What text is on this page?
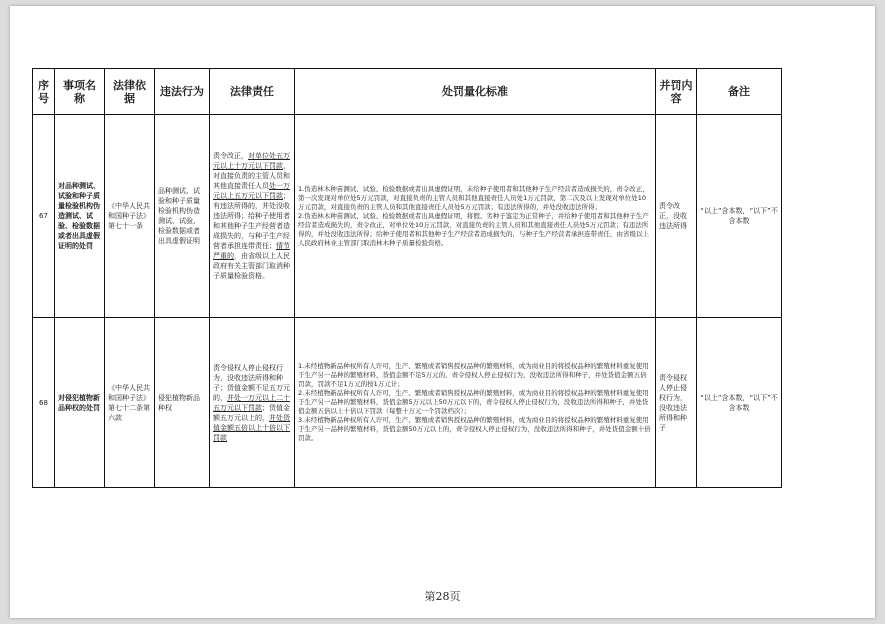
序号	事项名称	法律依据	违法行为	法律责任	处罚量化标准	并罚内容	备注
67	对品种测试、试验和种子质量检验机构伪造测试、试验、检验数据或者出具虚假证明的处罚	《中华人民共和国种子法》第七十一条	品种测试、试验和种子质量检验机构伪造测试、试验、检验数据或者出具虚假证明	责令改正，对单位处五万元以上十万元以下罚款，对直接负责的主管人员和其他直接责任人员处一万元以上五万元以下罚款；有违法所得的，并处没收违法所得；给种子使用者和其他种子生产经营者造成损失的，与种子生产经营者承担连带责任；情节严重的，由省级以上人民政府有关主管部门取消种子质量检验资格。	1.伪造林木种苗测试、试验、检验数据或者出具虚假证明，未给种子使用者和其他种子生产经营者造成损失的，责令改正，第一次发现对单位处5万元罚款，对直接负责的主管人员和其他直接责任人员处1万元罚款，第二次及以上发现对单位处10万元罚款，对直接负责的主管人员和其他直接责任人员处5万元罚款；有违法所得的，并处没收违法所得；
2.伪造林木种苗测试、试验、检验数据或者出具虚假证明，将假、劣种子鉴定为正常种子，并给种子使用者和其他种子生产经营者造成损失的，责令改正，对单位处10万元罚款，对直接负责的主管人员和其他直接责任人员处5万元罚款；有违法所得的，并处没收违法所得；给种子使用者和其他种子生产经营者造成损失的，与种子生产经营者承担连带责任，由省级以上人民政府林业主管部门取消林木种子质量检验资格。	责令改正，没收违法所得	“以上”含本数，“以下”不含本数
68	对侵犯植物新品种权的处罚	《中华人民共和国种子法》第七十二条第六款	侵犯植物新品种权	责令侵权人停止侵权行为，没收违法所得和种子；货值金额不足五万元的，并处一万元以上二十五万元以下罚款；货值金额五万元以上的，并处货值金额五倍以上十倍以下罚款	1.未经植物新品种权所有人许可，生产、繁殖或者销售授权品种的繁殖材料，或为商业目的将授权品种的繁殖材料重复使用于生产另一品种的繁殖材料，货值金额不足5万元的，责令侵权人停止侵权行为，没收违法所得和种子，并处货值金额五倍罚款，罚款不足1万元的按1万元计；
2.未经植物新品种权所有人许可，生产、繁殖或者销售授权品种的繁殖材料，或为商业目的将授权品种的繁殖材料重复使用于生产另一品种的繁殖材料，货值金额5万元以上50万元以下的，责令侵权人停止侵权行为，没收违法所得和种子，并处货值金额五倍以上十倍以下罚款（每整十万元一个罚款档次）；
3.未经植物新品种权所有人许可，生产、繁殖或者销售授权品种的繁殖材料，或为商业目的将授权品种的繁殖材料重复使用于生产另一品种的繁殖材料，货值金额50万元以上的，责令侵权人停止侵权行为，没收违法所得和种子，并处货值金额十倍罚款。	责令侵权人停止侵权行为，没收违法所得和种子	“以上”含本数，“以下”不含本数
第28页
